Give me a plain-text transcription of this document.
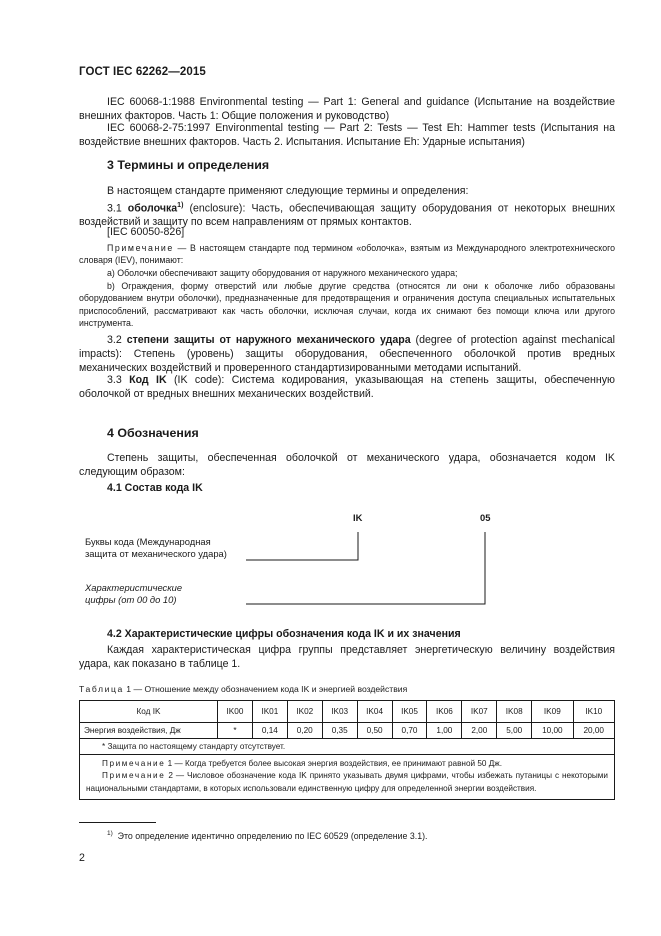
ГОСТ IEC 62262—2015
IEC 60068-1:1988 Environmental testing — Part 1: General and guidance (Испытание на воздействие внешних факторов. Часть 1: Общие положения и руководство)
IEC 60068-2-75:1997 Environmental testing — Part 2: Tests — Test Eh: Hammer tests (Испытания на воздействие внешних факторов. Часть 2. Испытания. Испытание Eh: Ударные испытания)
3 Термины и определения
В настоящем стандарте применяют следующие термины и определения:
3.1 оболочка$^{1)}$ (enclosure): Часть, обеспечивающая защиту оборудования от некоторых внешних воздействий и защиту по всем направлениям от прямых контактов.
[IEC 60050-826]
Примечание — В настоящем стандарте под термином «оболочка», взятым из Международного электротехнического словаря (IEV), понимают:
a) Оболочки обеспечивают защиту оборудования от наружного механического удара;
b) Ограждения, форму отверстий или любые другие средства (относятся ли они к оболочке либо образованы оборудованием внутри оболочки), предназначенные для предотвращения и ограничения доступа специальных испытательных приспособлений, рассматривают как часть оболочки, исключая случаи, когда их снимают без помощи ключа или другого инструмента.
3.2 степени защиты от наружного механического удара (degree of protection against mechanical impacts): Степень (уровень) защиты оборудования, обеспеченного оболочкой против вредных механических воздействий и проверенного стандартизированными методами испытаний.
3.3 Код IK (IK code): Система кодирования, указывающая на степень защиты, обеспеченную оболочкой от вредных внешних механических воздействий.
4 Обозначения
Степень защиты, обеспеченная оболочкой от механического удара, обозначается кодом IK следующим образом:
4.1 Состав кода IK
IK	05
Буквы кода (Международная
защита от механического удара)
Характеристические
цифры (от 00 до 10)
4.2 Характеристические цифры обозначения кода IK и их значения
Каждая характеристическая цифра группы представляет энергетическую величину воздействия удара, как показано в таблице 1.
Таблица 1 — Отношение между обозначением кода IK и энергией воздействия
Код IK	IK00	IK01	IK02	IK03	IK04	IK05	IK06	IK07	IK08	IK09	IK10
Энергия воздействия, Дж	*	0,14	0,20	0,35	0,50	0,70	1,00	2,00	5,00	10,00	20,00
* Защита по настоящему стандарту отсутствует.											

Примечание 1 — Когда требуется более высокая энергия воздействия, ее принимают равной 50 Дж.
Примечание 2 — Числовое обозначение кода IK принято указывать двумя цифрами, чтобы избежать путаницы с некоторыми национальными стандартами, в которых использовали единственную цифру для определенной энергии воздействия.											
$^{1)}$ Это определение идентично определению по IEC 60529 (определение 3.1).
2
